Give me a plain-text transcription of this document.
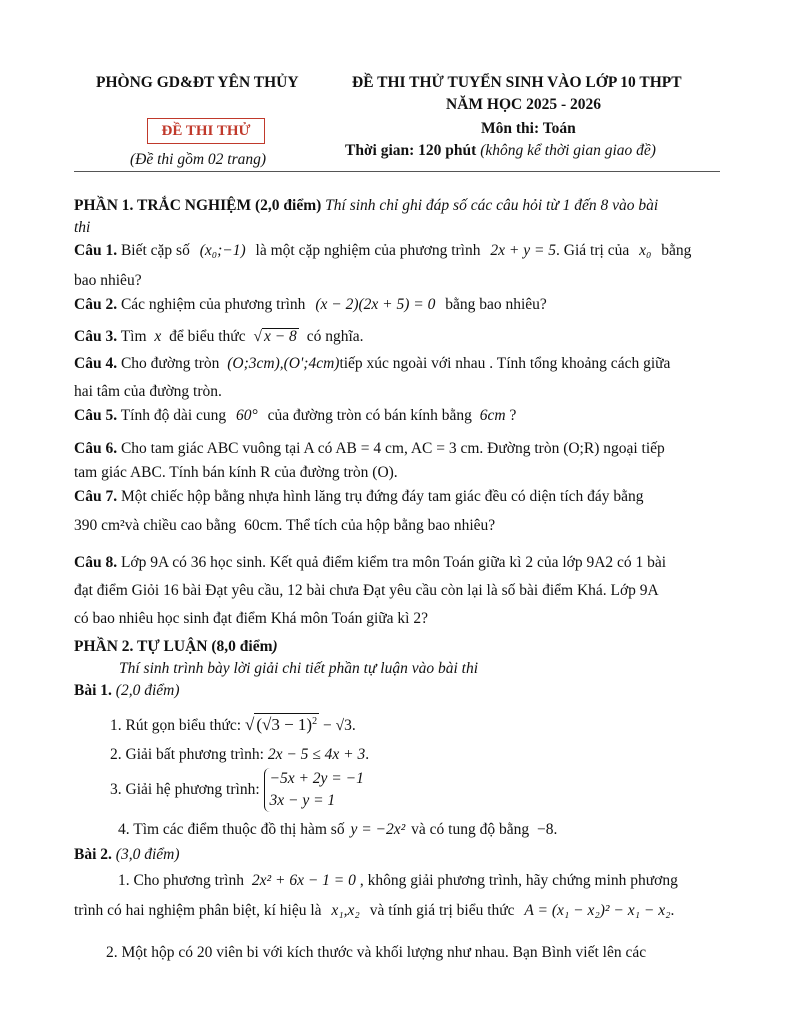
PHÒNG GD&ĐT YÊN THỦY
ĐỀ THI THỬ
(Đề thi gồm 02 trang)
ĐỀ THI THỬ TUYỂN SINH VÀO LỚP 10 THPT
NĂM HỌC 2025 - 2026
Môn thi: Toán
Thời gian: 120 phút (không kể thời gian giao đề)
PHẦN 1. TRẮC NGHIỆM (2,0 điểm) Thí sinh chỉ ghi đáp số các câu hỏi từ 1 đến 8 vào bài
thi
Câu 1. Biết cặp số (x₀;−1) là một cặp nghiệm của phương trình 2x + y = 5. Giá trị của x₀ bằng
bao nhiêu?
Câu 2. Các nghiệm của phương trình (x − 2)(2x + 5) = 0 bằng bao nhiêu?
Câu 3. Tìm x để biểu thức √ x − 8 có nghĩa.
Câu 4. Cho đường tròn (O;3cm),(O';4cm)tiếp xúc ngoài với nhau . Tính tổng khoảng cách giữa
hai tâm của đường tròn.
Câu 5. Tính độ dài cung 60° của đường tròn có bán kính bằng 6cm ?
Câu 6. Cho tam giác ABC vuông tại A có AB = 4 cm, AC = 3 cm. Đường tròn (O;R) ngoại tiếp
tam giác ABC. Tính bán kính R của đường tròn (O).
Câu 7. Một chiếc hộp bằng nhựa hình lăng trụ đứng đáy tam giác đều có diện tích đáy bằng
390 cm²và chiều cao bằng 60cm. Thể tích của hộp bằng bao nhiêu?
Câu 8. Lớp 9A có 36 học sinh. Kết quả điểm kiểm tra môn Toán giữa kì 2 của lớp 9A2 có 1 bài
đạt điểm Giỏi 16 bài Đạt yêu cầu, 12 bài chưa Đạt yêu cầu còn lại là số bài điểm Khá. Lớp 9A
có bao nhiêu học sinh đạt điểm Khá môn Toán giữa kì 2?
PHẦN 2. TỰ LUẬN (8,0 điểm)
Thí sinh trình bày lời giải chi tiết phần tự luận vào bài thi
Bài 1. (2,0 điểm)
1. Rút gọn biểu thức: √ $(√3 - 1)^2 - √3$.
2. Giải bất phương trình: 2x − 5 ≤ 4x + 3.
3. Giải hệ phương trình:
−5x + 2y = −1
3x − y = 1
4. Tìm các điểm thuộc đồ thị hàm số y = −2x² và có tung độ bằng −8.
Bài 2. (3,0 điểm)
1. Cho phương trình 2x² + 6x − 1 = 0 , không giải phương trình, hãy chứng minh phương
trình có hai nghiệm phân biệt, kí hiệu là x₁,x₂ và tính giá trị biểu thức A = (x₁ − x₂)² − x₁ − x₂.
2. Một hộp có 20 viên bi với kích thước và khối lượng như nhau. Bạn Bình viết lên các
